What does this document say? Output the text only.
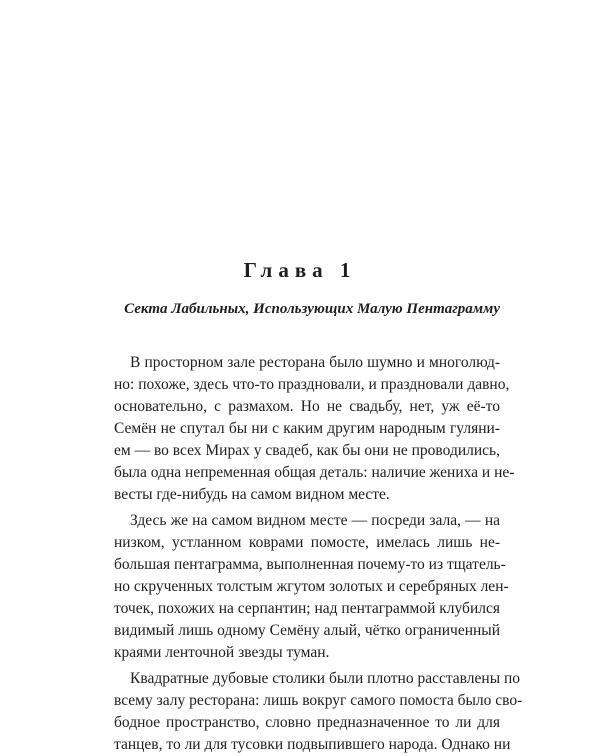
Глава 1
Секта Лабильных, Использующих Малую Пентаграмму
В просторном зале ресторана было шумно и многолюд-
но: похоже, здесь что-то праздновали, и праздновали давно,
основательно, с размахом. Но не свадьбу, нет, уж её-то
Семён не спутал бы ни с каким другим народным гуляни-
ем — во всех Мирах у свадеб, как бы они не проводились,
была одна непременная общая деталь: наличие жениха и не-
весты где-нибудь на самом видном месте.
Здесь же на самом видном месте — посреди зала, — на
низком, устланном коврами помосте, имелась лишь не-
большая пентаграмма, выполненная почему-то из тщатель-
но скрученных толстым жгутом золотых и серебряных лен-
точек, похожих на серпантин; над пентаграммой клубился
видимый лишь одному Семёну алый, чётко ограниченный
краями ленточной звезды туман.
Квадратные дубовые столики были плотно расставлены по
всему залу ресторана: лишь вокруг самого помоста было сво-
бодное пространство, словно предназначенное то ли для
танцев, то ли для тусовки подвыпившего народа. Однако ни
